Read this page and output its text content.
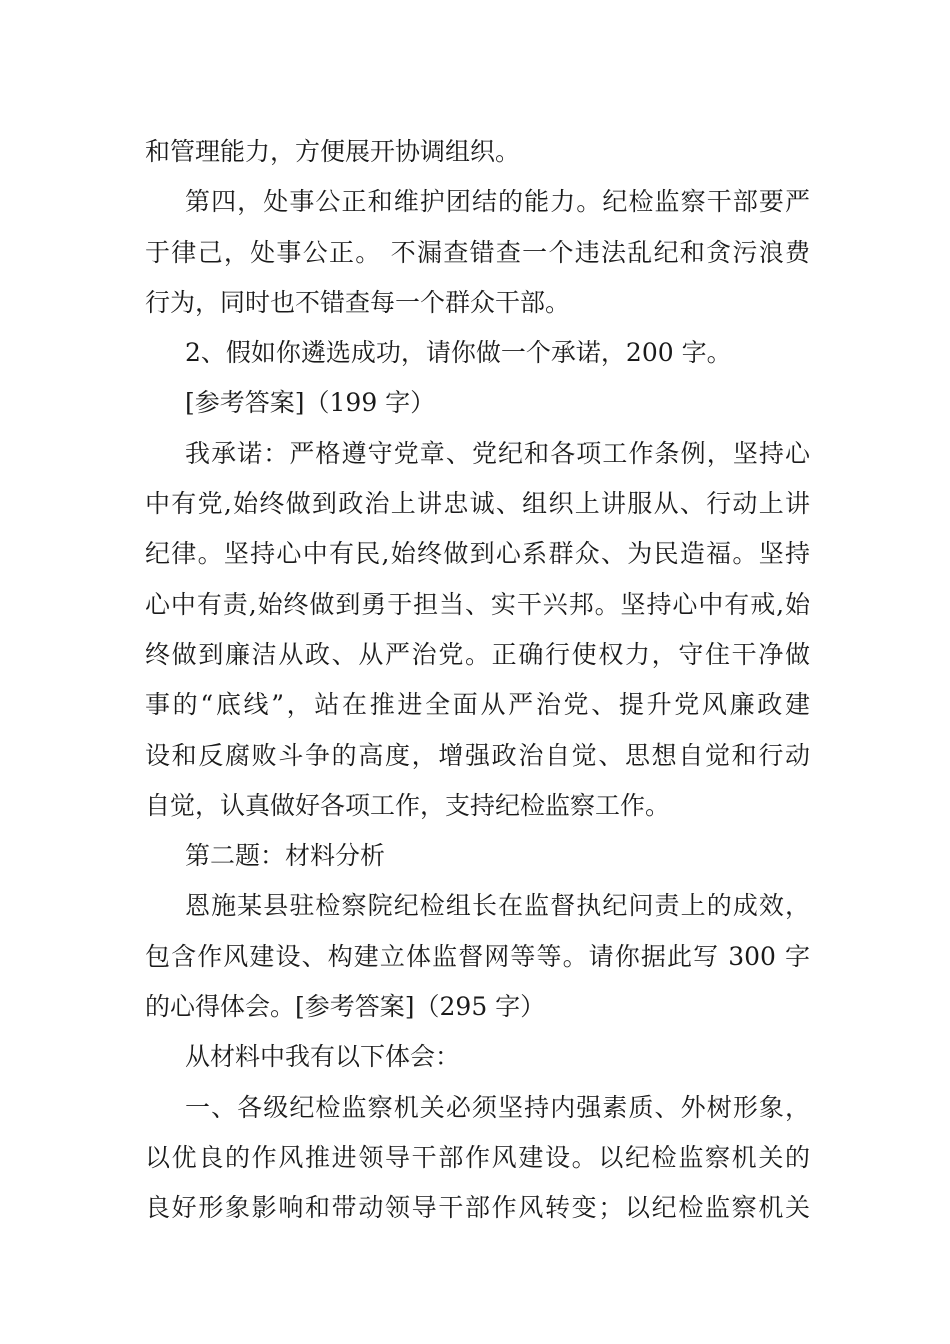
和管理能力，方便展开协调组织。
第四，处事公正和维护团结的能力。纪检监察干部要严
于律己，处事公正。 不漏查错查一个违法乱纪和贪污浪费
行为，同时也不错查每一个群众干部。
2、假如你遴选成功，请你做一个承诺，200 字。
[参考答案]（199 字）
我承诺：严格遵守党章、党纪和各项工作条例，坚持心
中有党,始终做到政治上讲忠诚、组织上讲服从、行动上讲
纪律。坚持心中有民,始终做到心系群众、为民造福。坚持
心中有责,始终做到勇于担当、实干兴邦。坚持心中有戒,始
终做到廉洁从政、从严治党。正确行使权力，守住干净做
事的“底线”，站在推进全面从严治党、提升党风廉政建
设和反腐败斗争的高度，增强政治自觉、思想自觉和行动
自觉，认真做好各项工作，支持纪检监察工作。
第二题：材料分析
恩施某县驻检察院纪检组长在监督执纪问责上的成效，
包含作风建设、构建立体监督网等等。请你据此写 300 字
的心得体会。[参考答案]（295 字）
从材料中我有以下体会：
一、各级纪检监察机关必须坚持内强素质、外树形象，
以优良的作风推进领导干部作风建设。以纪检监察机关的
良好形象影响和带动领导干部作风转变；以纪检监察机关
